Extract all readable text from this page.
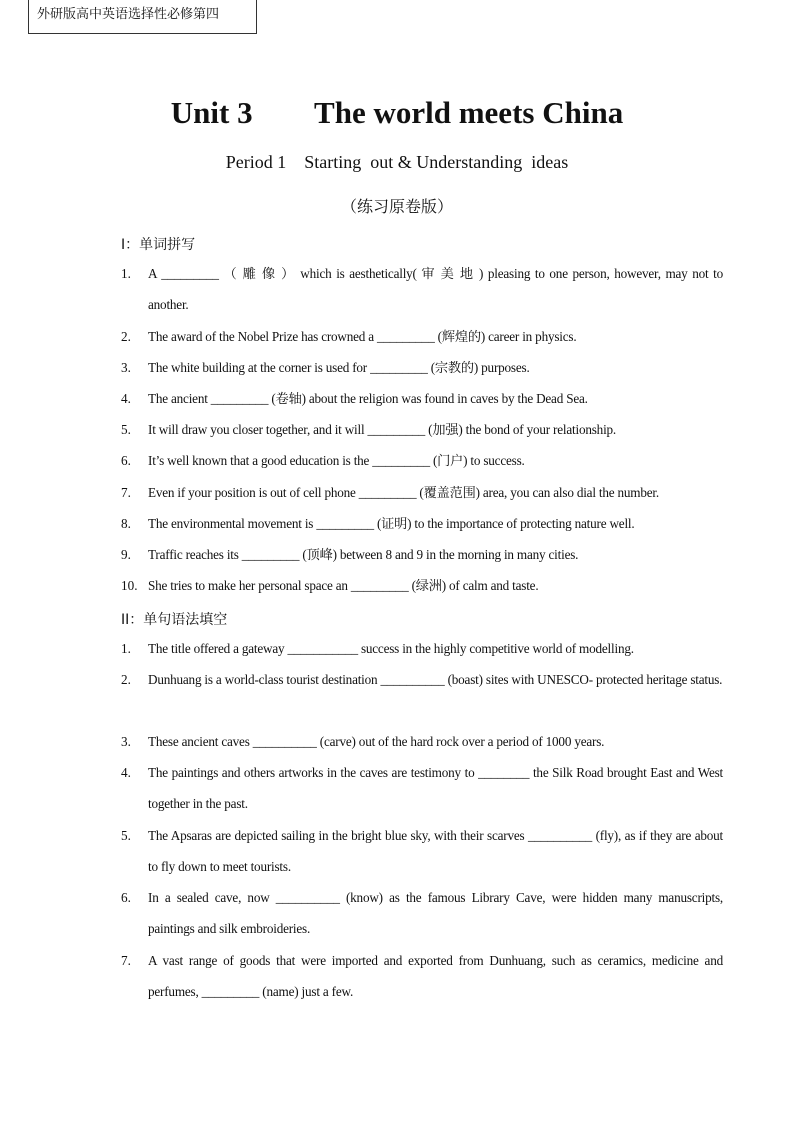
外研版高中英语选择性必修第四
Unit 3        The world meets China
Period 1    Starting  out & Understanding  ideas
（练习原卷版）
I：单词拼写
1.	A _________ （ 雕 像 ） which is aesthetically( 审 美 地 ) pleasing to one person, however, may not to another.
2.	The award of the Nobel Prize has crowned a _________ (辉煌的) career in physics.
3.	The white building at the corner is used for _________ (宗教的) purposes.
4.	The ancient _________ (卷轴) about the religion was found in caves by the Dead Sea.
5.	It will draw you closer together, and it will _________ (加强) the bond of your relationship.
6.	It’s well known that a good education is the _________ (门户) to success.
7.	Even if your position is out of cell phone _________ (覆盖范围) area, you can also dial the number.
8.	The environmental movement is _________ (证明) to the importance of protecting nature well.
9.	Traffic reaches its _________ (顶峰) between 8 and 9 in the morning in many cities.
10. She tries to make her personal space an _________ (绿洲) of calm and taste.
II：单句语法填空
1.	The title offered a gateway ___________ success in the highly competitive world of modelling.
2.	Dunhuang is a world-class tourist destination __________ (boast) sites with UNESCO- protected heritage status.
3.	These ancient caves __________ (carve) out of the hard rock over a period of 1000 years.
4.	The paintings and others artworks in the caves are testimony to ________ the Silk Road brought East and West together in the past.
5.	The Apsaras are depicted sailing in the bright blue sky, with their scarves __________ (fly), as if they are about to fly down to meet tourists.
6.	In a sealed cave, now __________ (know) as the famous Library Cave, were hidden many manuscripts, paintings and silk embroideries.
7.	A vast range of goods that were imported and exported from Dunhuang, such as ceramics, medicine and perfumes, _________ (name) just a few.
